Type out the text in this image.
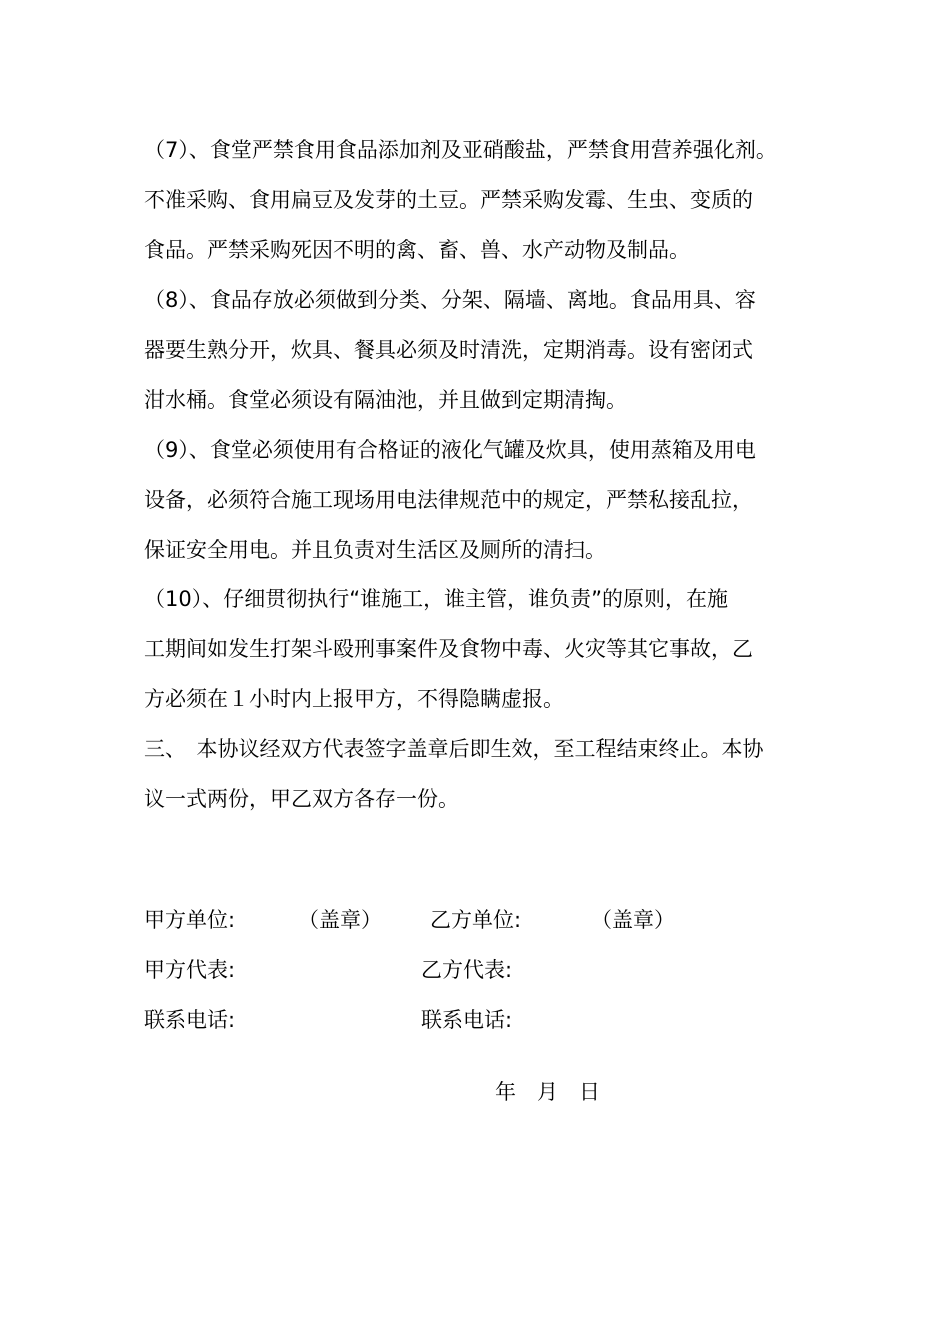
（7）、食堂严禁食用食品添加剂及亚硝酸盐，严禁食用营养强化剂。
不准采购、食用扁豆及发芽的土豆。严禁采购发霉、生虫、变质的
食品。严禁采购死因不明的禽、畜、兽、水产动物及制品。
（8）、食品存放必须做到分类、分架、隔墙、离地。食品用具、容
器要生熟分开，炊具、餐具必须及时清洗，定期消毒。设有密闭式
泔水桶。食堂必须设有隔油池，并且做到定期清掏。
（9）、食堂必须使用有合格证的液化气罐及炊具，使用蒸箱及用电
设备，必须符合施工现场用电法律规范中的规定，严禁私接乱拉，
保证安全用电。并且负责对生活区及厕所的清扫。
（10）、仔细贯彻执行“谁施工，谁主管，谁负责”的原则，在施
工期间如发生打架斗殴刑事案件及食物中毒、火灾等其它事故，乙
方必须在１小时内上报甲方，不得隐瞒虚报。
三、　本协议经双方代表签字盖章后即生效，至工程结束终止。本协
议一式两份，甲乙双方各存一份。
甲方单位:	（盖章） 乙方单位:	（盖章）
甲方代表:	乙方代表:
联系电话:	联系电话:
年 月 日
